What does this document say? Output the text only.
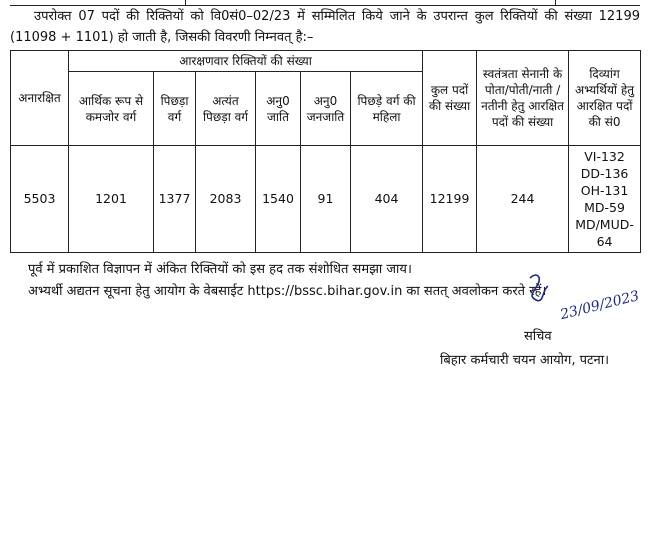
उपरोक्त 07 पदों की रिक्तियों को वि0सं0–02/23 में सम्मिलित किये जाने के उपरान्त कुल रिक्तियों की संख्या 12199 (11098 + 1101) हो जाती है, जिसकी विवरणी निम्नवत् है:–

अनारक्षित	आरक्षणवार रिक्तियों की संख्या						कुल पदों की संख्या	स्वतंत्रता सेनानी के पोता/पोती/नाती /नतीनी हेतु आरक्षित पदों की संख्या	दिव्यांग अभ्यर्थियों हेतु आरक्षित पदों की सं0
	आर्थिक रूप से कमजोर वर्ग	पिछड़ा वर्ग	अत्यंत पिछड़ा वर्ग	अनु0 जाति	अनु0 जनजाति	पिछड़े वर्ग की महिला			
5503	1201	1377	2083	1540	91	404	12199	244	VI-132
DD-136
OH-131
MD-59
MD/MUD-64
पूर्व में प्रकाशित विज्ञापन में अंकित रिक्तियों को इस हद तक संशोधित समझा जाय।
अभ्यर्थी अद्यतन सूचना हेतु आयोग के वेबसाईट https://bssc.bihar.gov.in का सतत् अवलोकन करते रहें। 23/09/2023
सचिव
बिहार कर्मचारी चयन आयोग, पटना।
